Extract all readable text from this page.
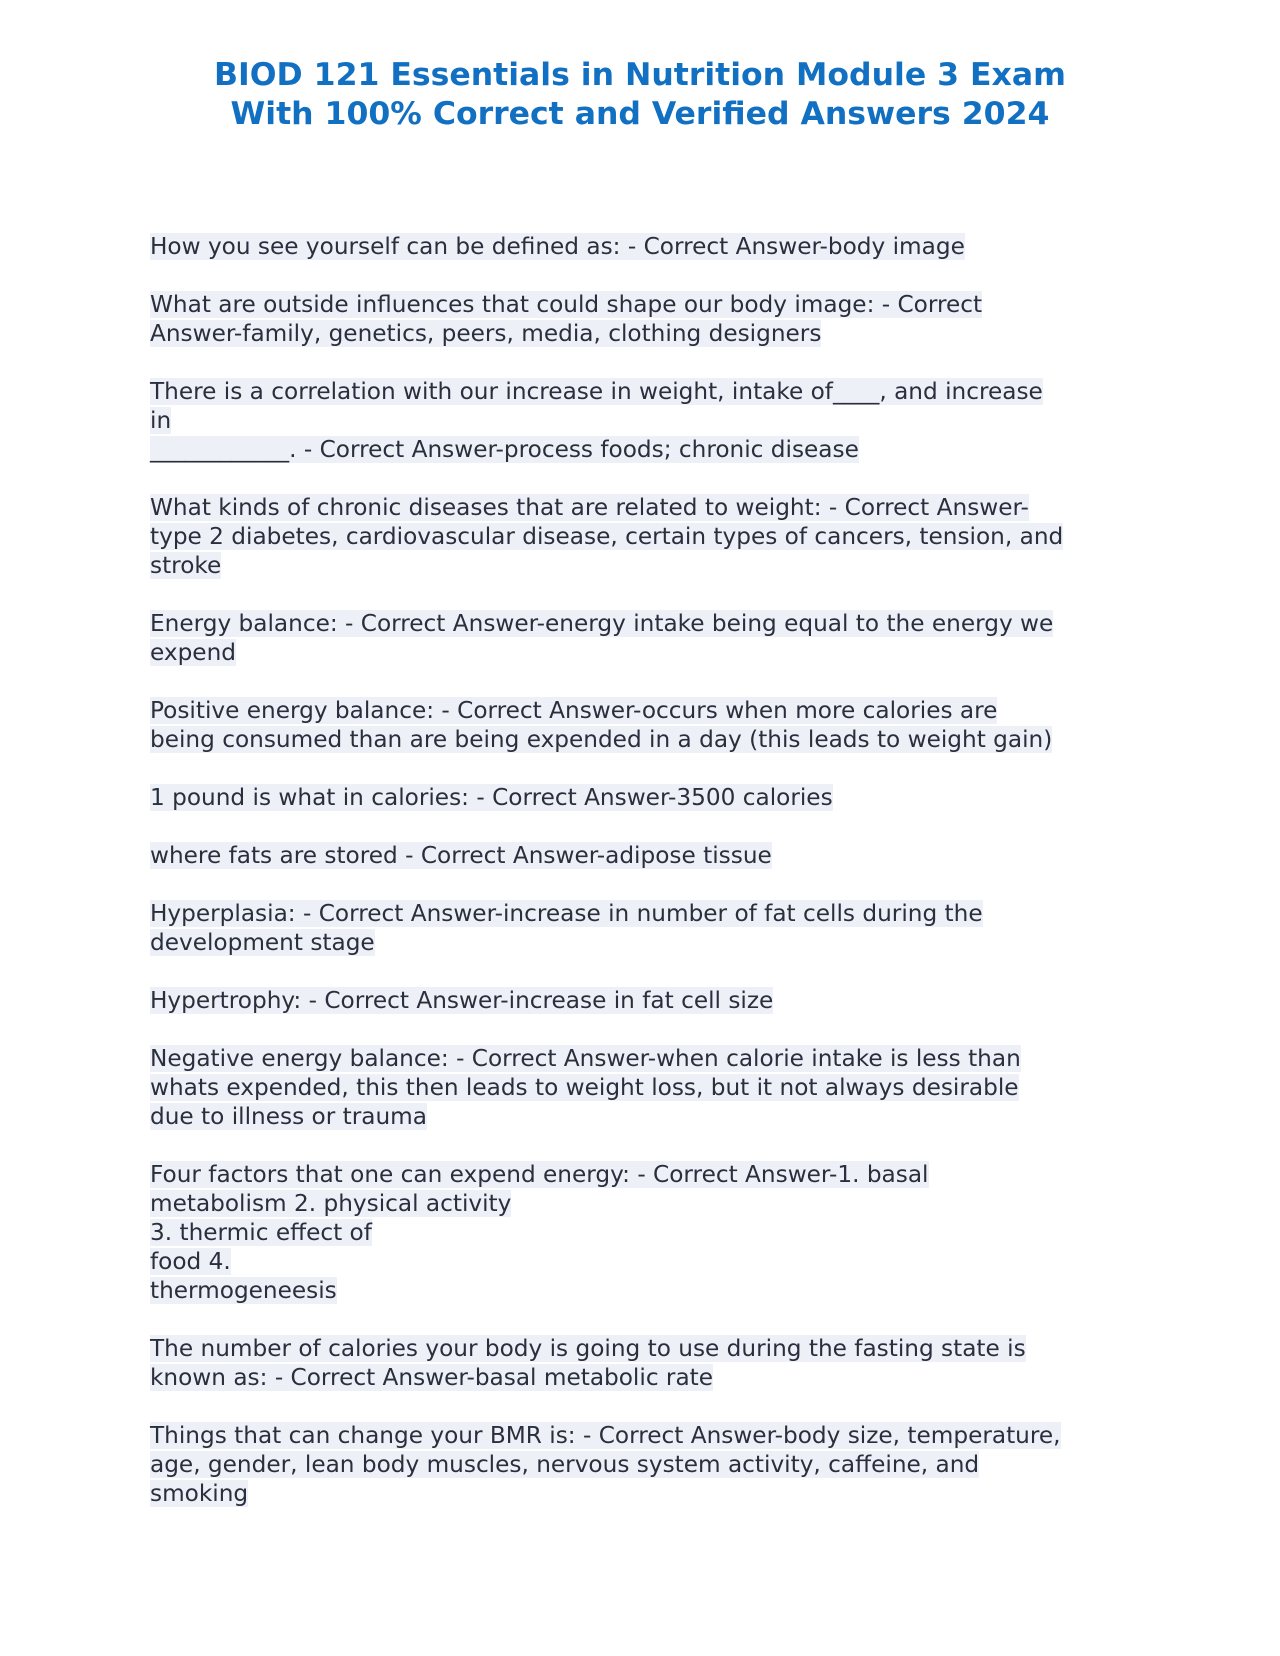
BIOD 121 Essentials in Nutrition Module 3 Exam
With 100% Correct and Verified Answers 2024

How you see yourself can be defined as: - Correct Answer-body image

What are outside influences that could shape our body image: - Correct
Answer-family, genetics, peers, media, clothing designers

There is a correlation with our increase in weight, intake of____, and increase
in
____________. - Correct Answer-process foods; chronic disease

What kinds of chronic diseases that are related to weight: - Correct Answer-
type 2 diabetes, cardiovascular disease, certain types of cancers, tension, and
stroke

Energy balance: - Correct Answer-energy intake being equal to the energy we
expend

Positive energy balance: - Correct Answer-occurs when more calories are
being consumed than are being expended in a day (this leads to weight gain)

1 pound is what in calories: - Correct Answer-3500 calories

where fats are stored - Correct Answer-adipose tissue

Hyperplasia: - Correct Answer-increase in number of fat cells during the
development stage

Hypertrophy: - Correct Answer-increase in fat cell size

Negative energy balance: - Correct Answer-when calorie intake is less than
whats expended, this then leads to weight loss, but it not always desirable
due to illness or trauma

Four factors that one can expend energy: - Correct Answer-1. basal
metabolism 2. physical activity
3. thermic effect of
food 4.
thermogeneesis

The number of calories your body is going to use during the fasting state is
known as: - Correct Answer-basal metabolic rate

Things that can change your BMR is: - Correct Answer-body size, temperature,
age, gender, lean body muscles, nervous system activity, caffeine, and
smoking
